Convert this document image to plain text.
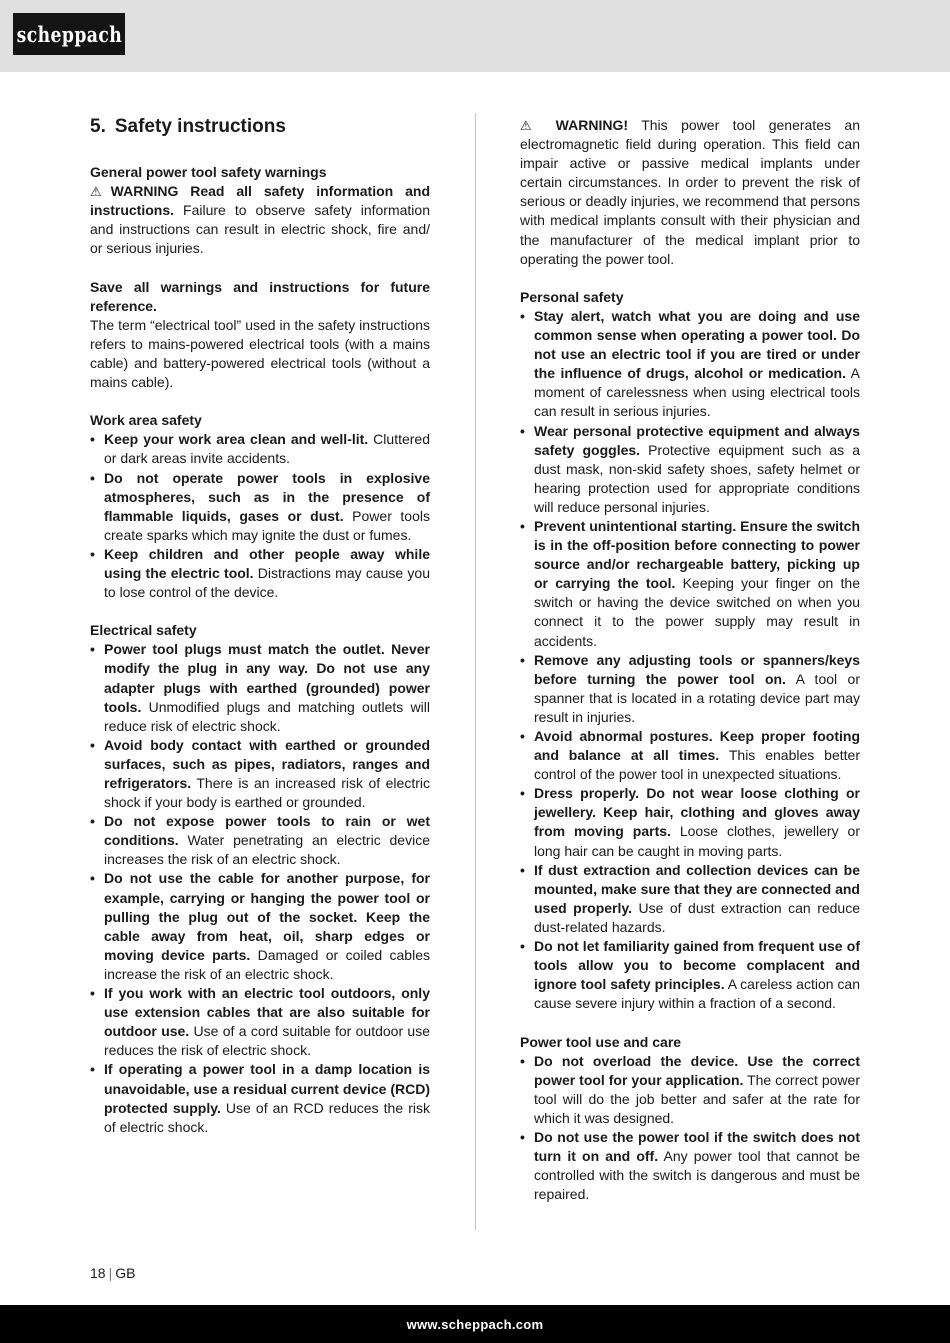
scheppach
5. Safety instructions

General power tool safety warnings

⚠WARNING Read all safety information and instructions. Failure to observe safety information and instructions can result in electric shock, fire and/ or serious injuries.

Save all warnings and instructions for future reference.

The term “electrical tool” used in the safety instructions refers to mains-powered electrical tools (with a mains cable) and battery-powered electrical tools (without a mains cable).

Work area safety

• Keep your work area clean and well-lit. Cluttered or dark areas invite accidents.
• Do not operate power tools in explosive atmospheres, such as in the presence of flammable liquids, gases or dust. Power tools create sparks which may ignite the dust or fumes.
• Keep children and other people away while using the electric tool. Distractions may cause you to lose control of the device.

Electrical safety

• Power tool plugs must match the outlet. Never modify the plug in any way. Do not use any adapter plugs with earthed (grounded) power tools. Unmodified plugs and matching outlets will reduce risk of electric shock.
• Avoid body contact with earthed or grounded surfaces, such as pipes, radiators, ranges and refrigerators. There is an increased risk of electric shock if your body is earthed or grounded.
• Do not expose power tools to rain or wet conditions. Water penetrating an electric device increases the risk of an electric shock.
• Do not use the cable for another purpose, for example, carrying or hanging the power tool or pulling the plug out of the socket. Keep the cable away from heat, oil, sharp edges or moving device parts. Damaged or coiled cables increase the risk of an electric shock.
• If you work with an electric tool outdoors, only use extension cables that are also suitable for outdoor use. Use of a cord suitable for outdoor use reduces the risk of electric shock.
• If operating a power tool in a damp location is unavoidable, use a residual current device (RCD) protected supply. Use of an RCD reduces the risk of electric shock.

⚠ WARNING! This power tool generates an electromagnetic field during operation. This field can impair active or passive medical implants under certain circumstances. In order to prevent the risk of serious or deadly injuries, we recommend that persons with medical implants consult with their physician and the manufacturer of the medical implant prior to operating the power tool.

Personal safety

• Stay alert, watch what you are doing and use common sense when operating a power tool. Do not use an electric tool if you are tired or under the influence of drugs, alcohol or medication. A moment of carelessness when using electrical tools can result in serious injuries.
• Wear personal protective equipment and always safety goggles. Protective equipment such as a dust mask, non-skid safety shoes, safety helmet or hearing protection used for appropriate conditions will reduce personal injuries.
• Prevent unintentional starting. Ensure the switch is in the off-position before connecting to power source and/or rechargeable battery, picking up or carrying the tool. Keeping your finger on the switch or having the device switched on when you connect it to the power supply may result in accidents.
• Remove any adjusting tools or spanners/keys before turning the power tool on. A tool or spanner that is located in a rotating device part may result in injuries.
• Avoid abnormal postures. Keep proper footing and balance at all times. This enables better control of the power tool in unexpected situations.
• Dress properly. Do not wear loose clothing or jewellery. Keep hair, clothing and gloves away from moving parts. Loose clothes, jewellery or long hair can be caught in moving parts.
• If dust extraction and collection devices can be mounted, make sure that they are connected and used properly. Use of dust extraction can reduce dust-related hazards.
• Do not let familiarity gained from frequent use of tools allow you to become complacent and ignore tool safety principles. A careless action can cause severe injury within a fraction of a second.

Power tool use and care

• Do not overload the device. Use the correct power tool for your application. The correct power tool will do the job better and safer at the rate for which it was designed.
• Do not use the power tool if the switch does not turn it on and off. Any power tool that cannot be controlled with the switch is dangerous and must be repaired.
18 | GB
www.scheppach.com
